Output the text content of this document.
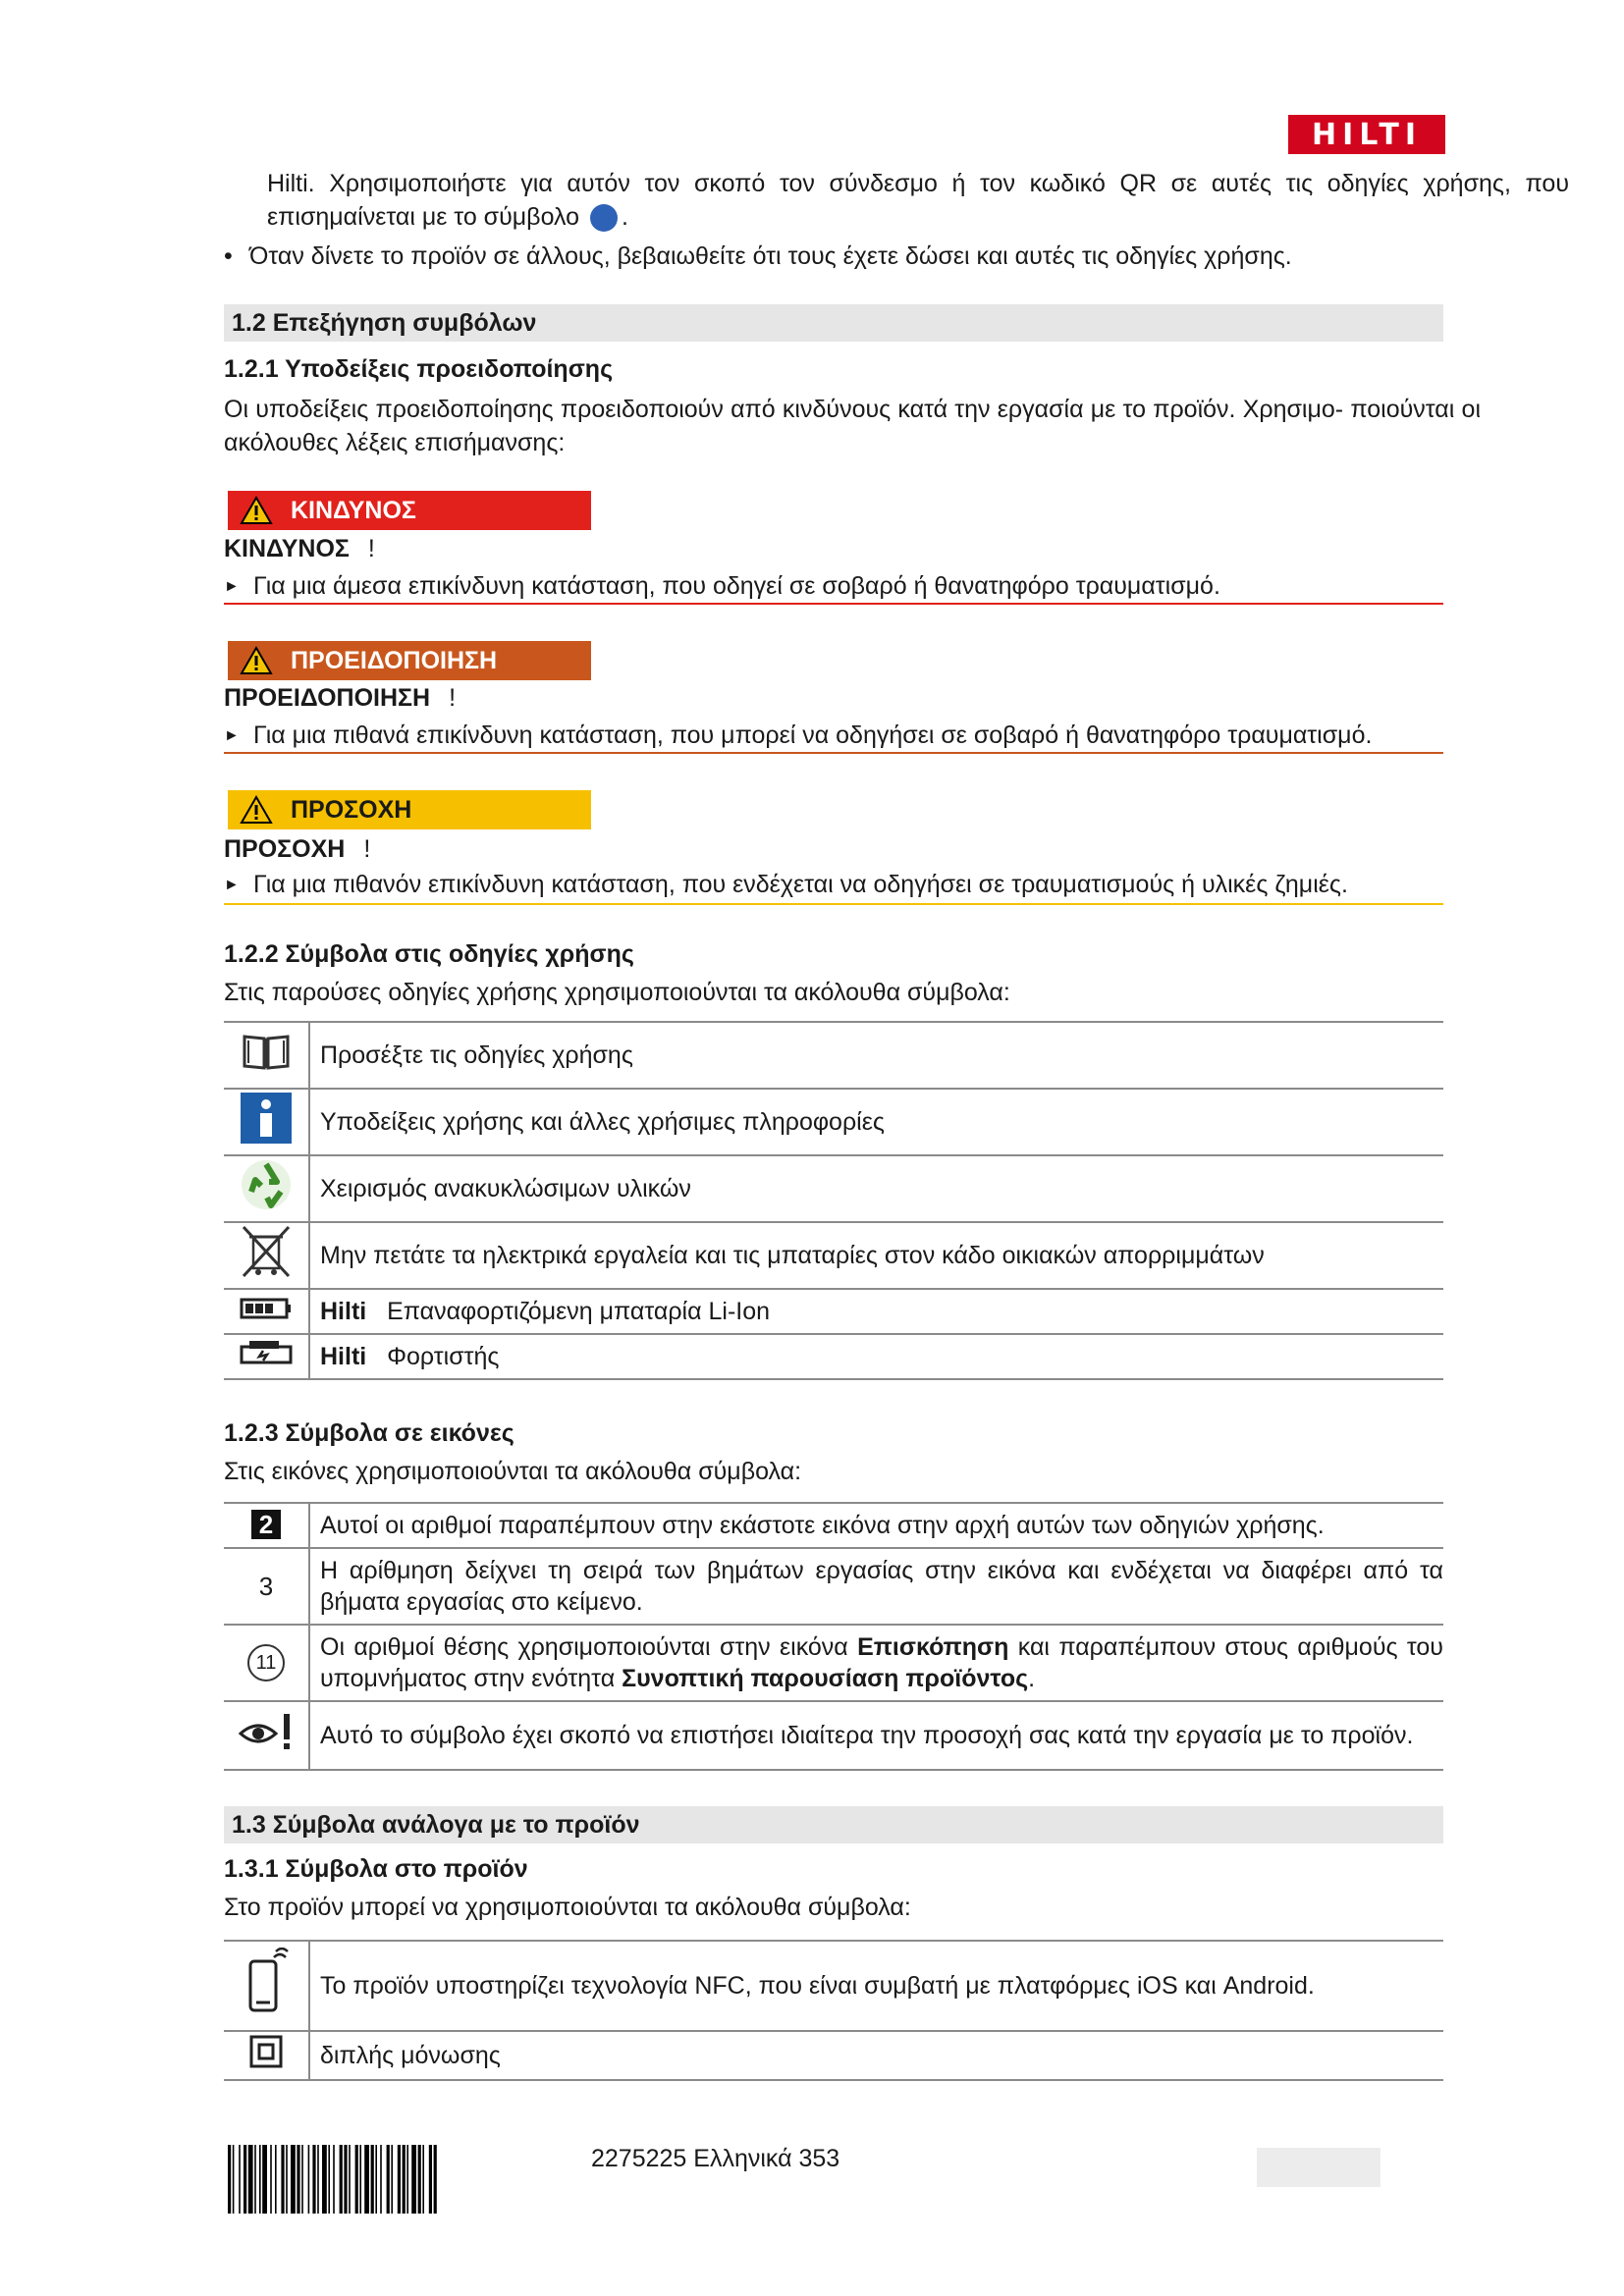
HILTI
Hilti. Χρησιμοποιήστε για αυτόν τον σκοπό τον σύνδεσμο ή τον κωδικό QR σε αυτές τις οδηγίες χρήσης, που επισημαίνεται με το σύμβολο .
• Όταν δίνετε το προϊόν σε άλλους, βεβαιωθείτε ότι τους έχετε δώσει και αυτές τις οδηγίες χρήσης.
1.2 Επεξήγηση συμβόλων
1.2.1 Υποδείξεις προειδοποίησης
Οι υποδείξεις προειδοποίησης προειδοποιούν από κινδύνους κατά την εργασία με το προϊόν. Χρησιμο- ποιούνται οι ακόλουθες λέξεις επισήμανσης:
ΚΙΝΔΥΝΟΣ
ΚΙΝΔΥΝΟΣ !
► Για μια άμεσα επικίνδυνη κατάσταση, που οδηγεί σε σοβαρό ή θανατηφόρο τραυματισμό.
ΠΡΟΕΙΔΟΠΟΙΗΣΗ
ΠΡΟΕΙΔΟΠΟΙΗΣΗ !
► Για μια πιθανά επικίνδυνη κατάσταση, που μπορεί να οδηγήσει σε σοβαρό ή θανατηφόρο τραυματισμό.
ΠΡΟΣΟΧΗ
ΠΡΟΣΟΧΗ !
► Για μια πιθανόν επικίνδυνη κατάσταση, που ενδέχεται να οδηγήσει σε τραυματισμούς ή υλικές ζημιές.
1.2.2 Σύμβολα στις οδηγίες χρήσης
Στις παρούσες οδηγίες χρήσης χρησιμοποιούνται τα ακόλουθα σύμβολα:
	Προσέξτε τις οδηγίες χρήσης
	Υποδείξεις χρήσης και άλλες χρήσιμες πληροφορίες
	Χειρισμός ανακυκλώσιμων υλικών
	Μην πετάτε τα ηλεκτρικά εργαλεία και τις μπαταρίες στον κάδο οικιακών απορριμμάτων
	Hilti Επαναφορτιζόμενη μπαταρία Li-Ion
	Hilti Φορτιστής
1.2.3 Σύμβολα σε εικόνες
Στις εικόνες χρησιμοποιούνται τα ακόλουθα σύμβολα:
2	Αυτοί οι αριθμοί παραπέμπουν στην εκάστοτε εικόνα στην αρχή αυτών των οδηγιών χρήσης.
3	Η αρίθμηση δείχνει τη σειρά των βημάτων εργασίας στην εικόνα και ενδέχεται να διαφέρει από τα βήματα εργασίας στο κείμενο.
11	Οι αριθμοί θέσης χρησιμοποιούνται στην εικόνα Επισκόπηση και παραπέμπουν στους αριθμούς του υπομνήματος στην ενότητα Συνοπτική παρουσίαση προϊόντος.
	Αυτό το σύμβολο έχει σκοπό να επιστήσει ιδιαίτερα την προσοχή σας κατά την εργασία με το προϊόν.
1.3 Σύμβολα ανάλογα με το προϊόν
1.3.1 Σύμβολα στο προϊόν
Στο προϊόν μπορεί να χρησιμοποιούνται τα ακόλουθα σύμβολα:
	Το προϊόν υποστηρίζει τεχνολογία NFC, που είναι συμβατή με πλατφόρμες iOS και Android.
	διπλής μόνωσης
2275225 Ελληνικά 353
